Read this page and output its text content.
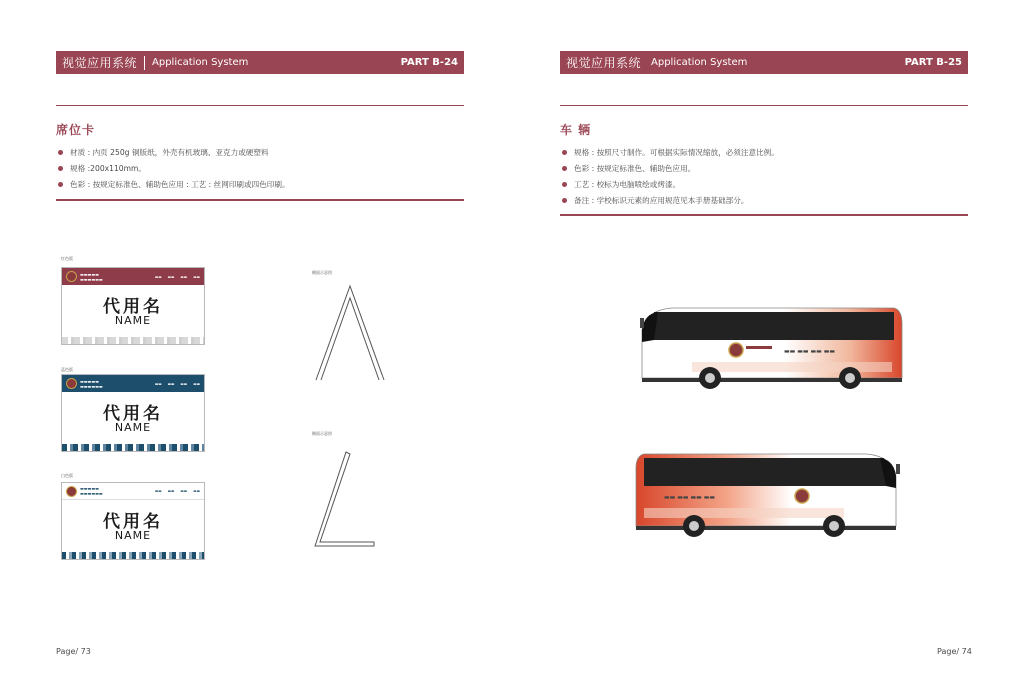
视觉应用系统 Application System	PART B-24
席位卡
材质 : 内页 250g 铜版纸，外壳有机玻璃、亚克力或硬塑料
规格 :200x110mm。
色彩 : 按规定标准色、辅助色应用 : 工艺 : 丝网印刷或四色印刷。
红色版
▬▬▬▬▬
▬▬▬▬▬▬	▬▬ ▬▬ ▬▬ ▬▬
代用名
NAME
蓝色版
▬▬▬▬▬
▬▬▬▬▬▬	▬▬ ▬▬ ▬▬ ▬▬
代用名
NAME
白色版
▬▬▬▬▬
▬▬▬▬▬▬	▬▬ ▬▬ ▬▬ ▬▬
代用名
NAME
侧面示意图
侧面示意图
Page/ 73
视觉应用系统 Application System	PART B-25
车 辆
规格 : 按照尺寸制作。可根据实际情况缩放，必须注意比例。
色彩 : 按规定标准色、辅助色应用。
工艺 : 校标为电脑喷绘或烤漆。
备注 : 学校标识元素的应用规范见本手册基础部分。
▬▬ ▬▬ ▬▬ ▬▬
▬▬ ▬▬ ▬▬ ▬▬
Page/ 74
